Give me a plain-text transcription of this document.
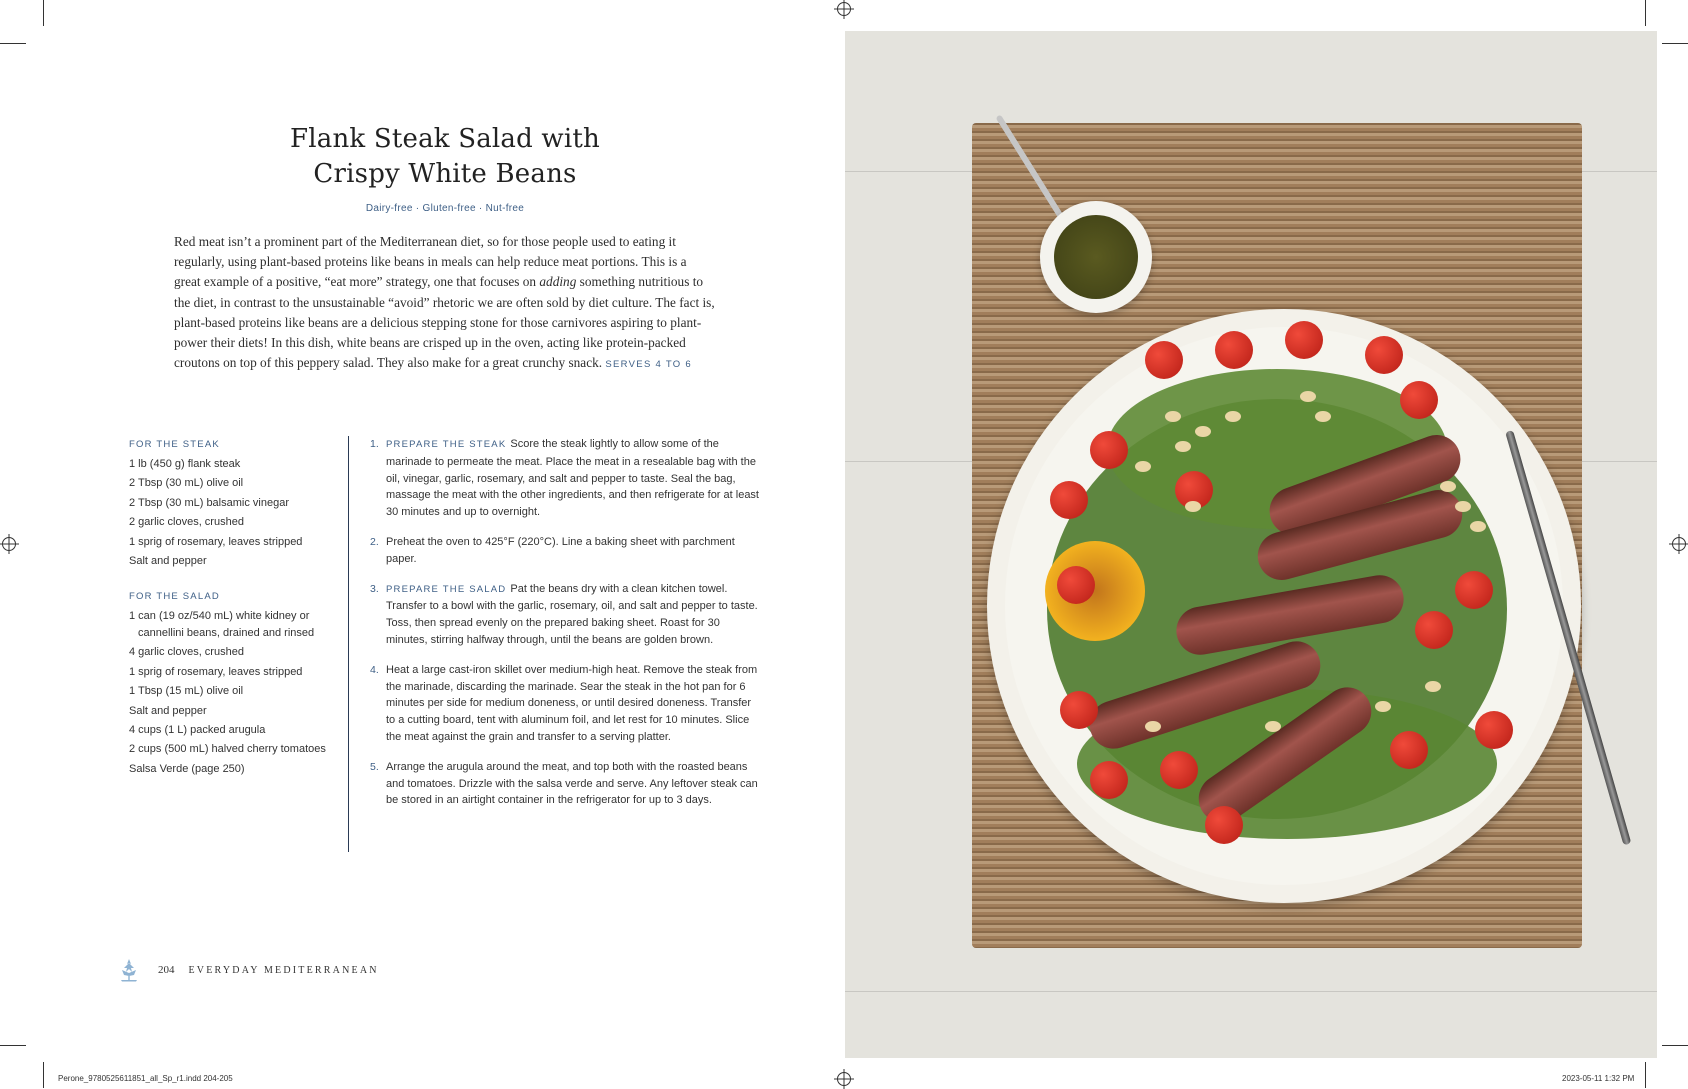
Flank Steak Salad with
Crispy White Beans
Dairy-free · Gluten-free · Nut-free
Red meat isn’t a prominent part of the Mediterranean diet, so for those people used to eating it regularly, using plant-based proteins like beans in meals can help reduce meat portions. This is a great example of a positive, “eat more” strategy, one that focuses on adding something nutritious to the diet, in contrast to the unsustainable “avoid” rhetoric we are often sold by diet culture. The fact is, plant-based proteins like beans are a delicious stepping stone for those carnivores aspiring to plant-power their diets! In this dish, white beans are crisped up in the oven, acting like protein-packed croutons on top of this peppery salad. They also make for a great crunchy snack. SERVES 4 TO 6
FOR THE STEAK
1 lb (450 g) flank steak
2 Tbsp (30 mL) olive oil
2 Tbsp (30 mL) balsamic vinegar
2 garlic cloves, crushed
1 sprig of rosemary, leaves stripped
Salt and pepper
FOR THE SALAD
1 can (19 oz/540 mL) white kidney or cannellini beans, drained and rinsed
4 garlic cloves, crushed
1 sprig of rosemary, leaves stripped
1 Tbsp (15 mL) olive oil
Salt and pepper
4 cups (1 L) packed arugula
2 cups (500 mL) halved cherry tomatoes
Salsa Verde (page 250)
1. PREPARE THE STEAK Score the steak lightly to allow some of the marinade to permeate the meat. Place the meat in a resealable bag with the oil, vinegar, garlic, rosemary, and salt and pepper to taste. Seal the bag, massage the meat with the other ingredients, and then refrigerate for at least 30 minutes and up to overnight.
2. Preheat the oven to 425°F (220°C). Line a baking sheet with parchment paper.
3. PREPARE THE SALAD Pat the beans dry with a clean kitchen towel. Transfer to a bowl with the garlic, rosemary, oil, and salt and pepper to taste. Toss, then spread evenly on the prepared baking sheet. Roast for 30 minutes, stirring halfway through, until the beans are golden brown.
4. Heat a large cast-iron skillet over medium-high heat. Remove the steak from the marinade, discarding the marinade. Sear the steak in the hot pan for 6 minutes per side for medium doneness, or until desired doneness. Transfer to a cutting board, tent with aluminum foil, and let rest for 10 minutes. Slice the meat against the grain and transfer to a serving platter.
5. Arrange the arugula around the meat, and top both with the roasted beans and tomatoes. Drizzle with the salsa verde and serve. Any leftover steak can be stored in an airtight container in the refrigerator for up to 3 days.
204 EVERYDAY MEDITERRANEAN
Perone_9780525611851_all_Sp_r1.indd 204-205	2023-05-11 1:32 PM
